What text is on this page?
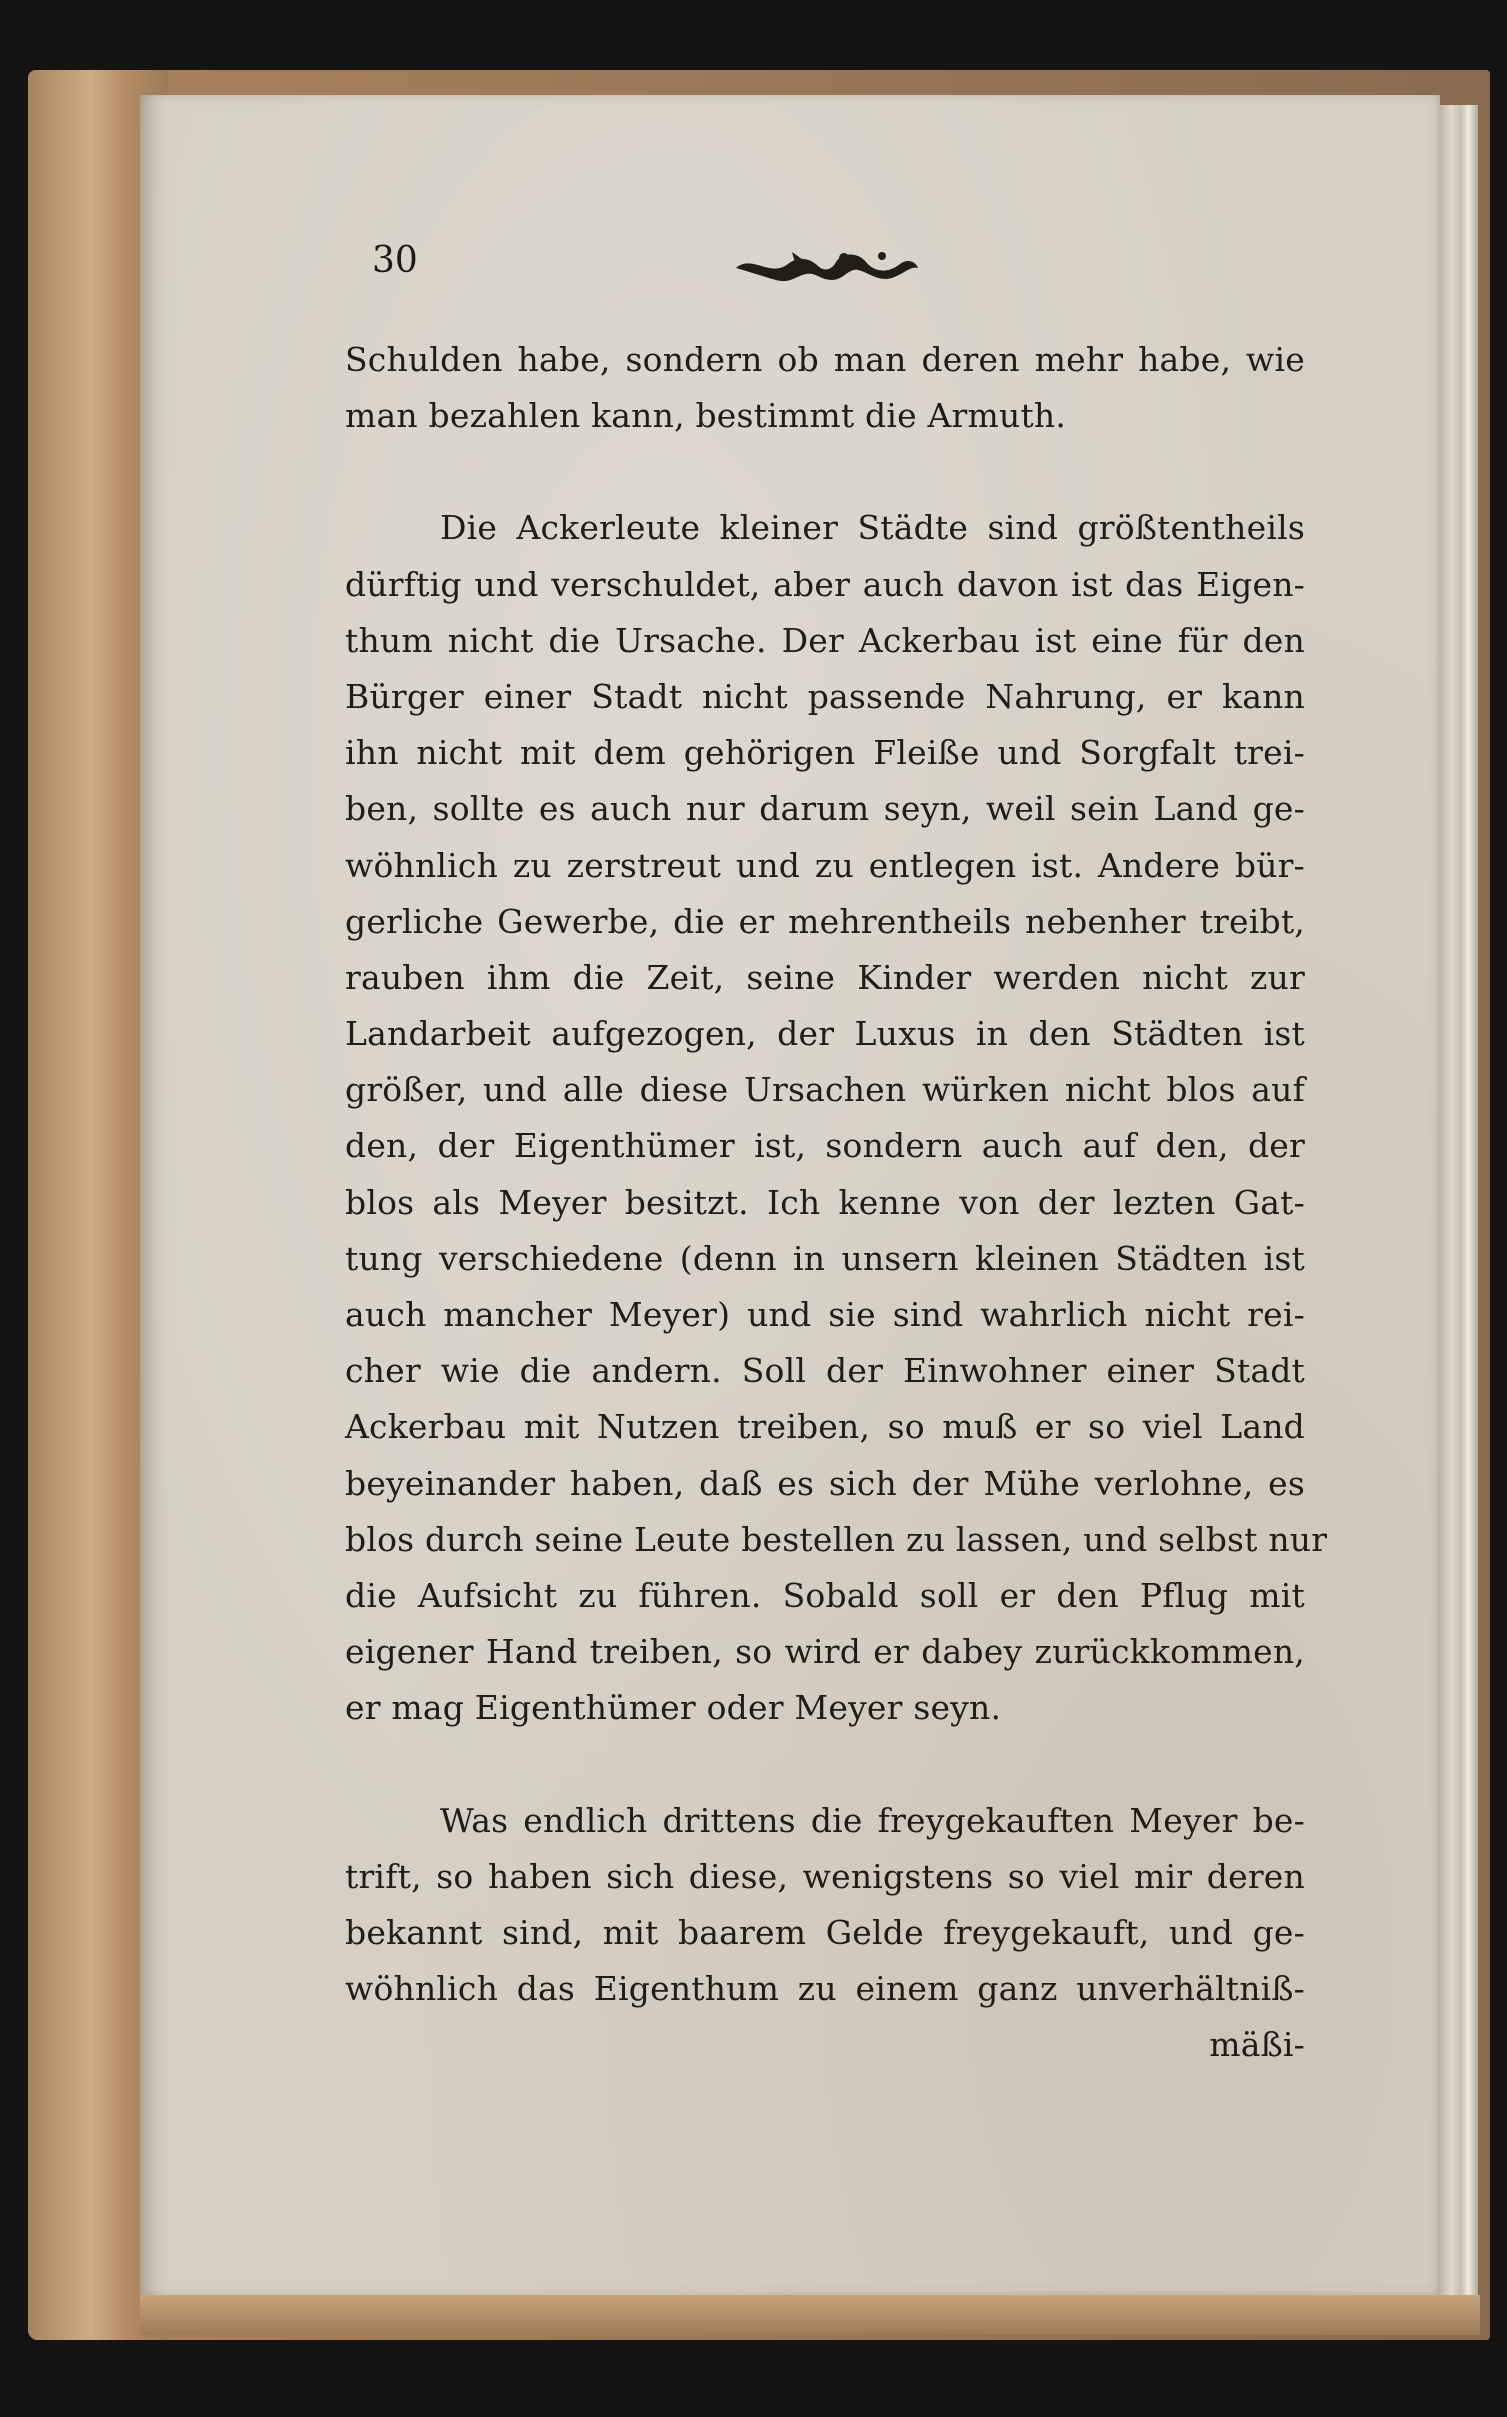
30
Schulden habe, sondern ob man deren mehr habe, wie
man bezahlen kann, bestimmt die Armuth.
Die Ackerleute kleiner Städte sind größtentheils
dürftig und verschuldet, aber auch davon ist das Eigen-
thum nicht die Ursache. Der Ackerbau ist eine für den
Bürger einer Stadt nicht passende Nahrung, er kann
ihn nicht mit dem gehörigen Fleiße und Sorgfalt trei-
ben, sollte es auch nur darum seyn, weil sein Land ge-
wöhnlich zu zerstreut und zu entlegen ist. Andere bür-
gerliche Gewerbe, die er mehrentheils nebenher treibt,
rauben ihm die Zeit, seine Kinder werden nicht zur
Landarbeit aufgezogen, der Luxus in den Städten ist
größer, und alle diese Ursachen würken nicht blos auf
den, der Eigenthümer ist, sondern auch auf den, der
blos als Meyer besitzt. Ich kenne von der lezten Gat-
tung verschiedene (denn in unsern kleinen Städten ist
auch mancher Meyer) und sie sind wahrlich nicht rei-
cher wie die andern. Soll der Einwohner einer Stadt
Ackerbau mit Nutzen treiben, so muß er so viel Land
beyeinander haben, daß es sich der Mühe verlohne, es
blos durch seine Leute bestellen zu lassen, und selbst nur
die Aufsicht zu führen. Sobald soll er den Pflug mit
eigener Hand treiben, so wird er dabey zurückkommen,
er mag Eigenthümer oder Meyer seyn.
Was endlich drittens die freygekauften Meyer be-
trift, so haben sich diese, wenigstens so viel mir deren
bekannt sind, mit baarem Gelde freygekauft, und ge-
wöhnlich das Eigenthum zu einem ganz unverhältniß-
mäßi-
